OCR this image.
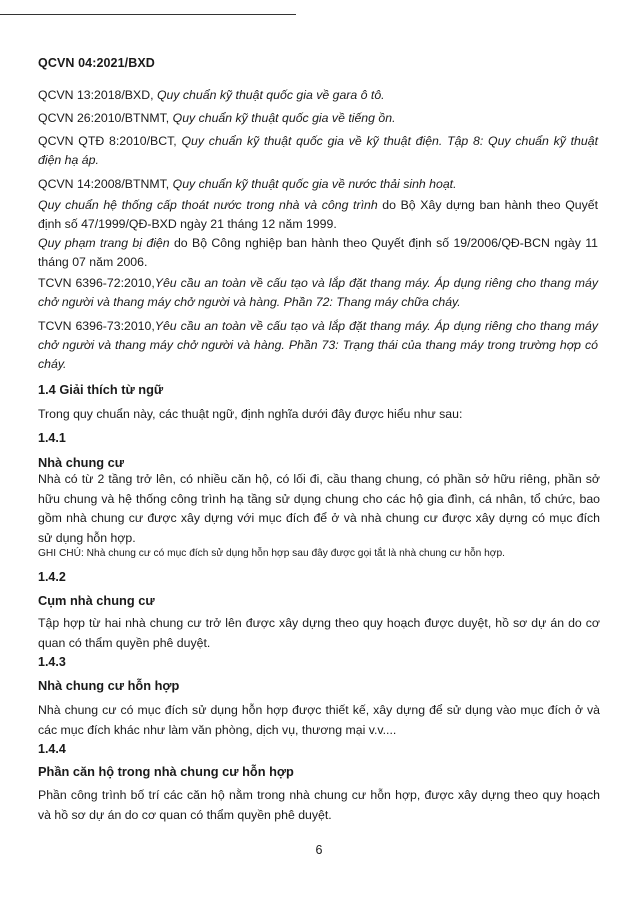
QCVN 04:2021/BXD
QCVN 13:2018/BXD, Quy chuẩn kỹ thuật quốc gia về gara ô tô.
QCVN 26:2010/BTNMT, Quy chuẩn kỹ thuật quốc gia về tiếng ồn.
QCVN QTĐ 8:2010/BCT, Quy chuẩn kỹ thuật quốc gia về kỹ thuật điện. Tập 8: Quy chuẩn kỹ thuật điện hạ áp.
QCVN 14:2008/BTNMT, Quy chuẩn kỹ thuật quốc gia về nước thải sinh hoạt.
Quy chuẩn hệ thống cấp thoát nước trong nhà và công trình do Bộ Xây dựng ban hành theo Quyết định số 47/1999/QĐ-BXD ngày 21 tháng 12 năm 1999.
Quy phạm trang bị điện do Bộ Công nghiệp ban hành theo Quyết định số 19/2006/QĐ-BCN ngày 11 tháng 07 năm 2006.
TCVN 6396-72:2010,Yêu cầu an toàn về cấu tạo và lắp đặt thang máy. Áp dụng riêng cho thang máy chở người và thang máy chở người và hàng. Phần 72: Thang máy chữa cháy.
TCVN 6396-73:2010,Yêu cầu an toàn về cấu tạo và lắp đặt thang máy. Áp dụng riêng cho thang máy chở người và thang máy chở người và hàng. Phần 73: Trạng thái của thang máy trong trường hợp có cháy.
1.4 Giải thích từ ngữ
Trong quy chuẩn này, các thuật ngữ, định nghĩa dưới đây được hiểu như sau:
1.4.1
Nhà chung cư
Nhà có từ 2 tầng trở lên, có nhiều căn hộ, có lối đi, cầu thang chung, có phần sở hữu riêng, phần sở hữu chung và hệ thống công trình hạ tầng sử dụng chung cho các hộ gia đình, cá nhân, tổ chức, bao gồm nhà chung cư được xây dựng với mục đích để ở và nhà chung cư được xây dựng có mục đích sử dụng hỗn hợp.
GHI CHÚ: Nhà chung cư có mục đích sử dụng hỗn hợp sau đây được gọi tắt là nhà chung cư hỗn hợp.
1.4.2
Cụm nhà chung cư
Tập hợp từ hai nhà chung cư trở lên được xây dựng theo quy hoạch được duyệt, hồ sơ dự án do cơ quan có thẩm quyền phê duyệt.
1.4.3
Nhà chung cư hỗn hợp
Nhà chung cư có mục đích sử dụng hỗn hợp được thiết kế, xây dựng để sử dụng vào mục đích ở và các mục đích khác như làm văn phòng, dịch vụ, thương mại v.v....
1.4.4
Phần căn hộ trong nhà chung cư hỗn hợp
Phần công trình bố trí các căn hộ nằm trong nhà chung cư hỗn hợp, được xây dựng theo quy hoạch và hồ sơ dự án do cơ quan có thẩm quyền phê duyệt.
6
